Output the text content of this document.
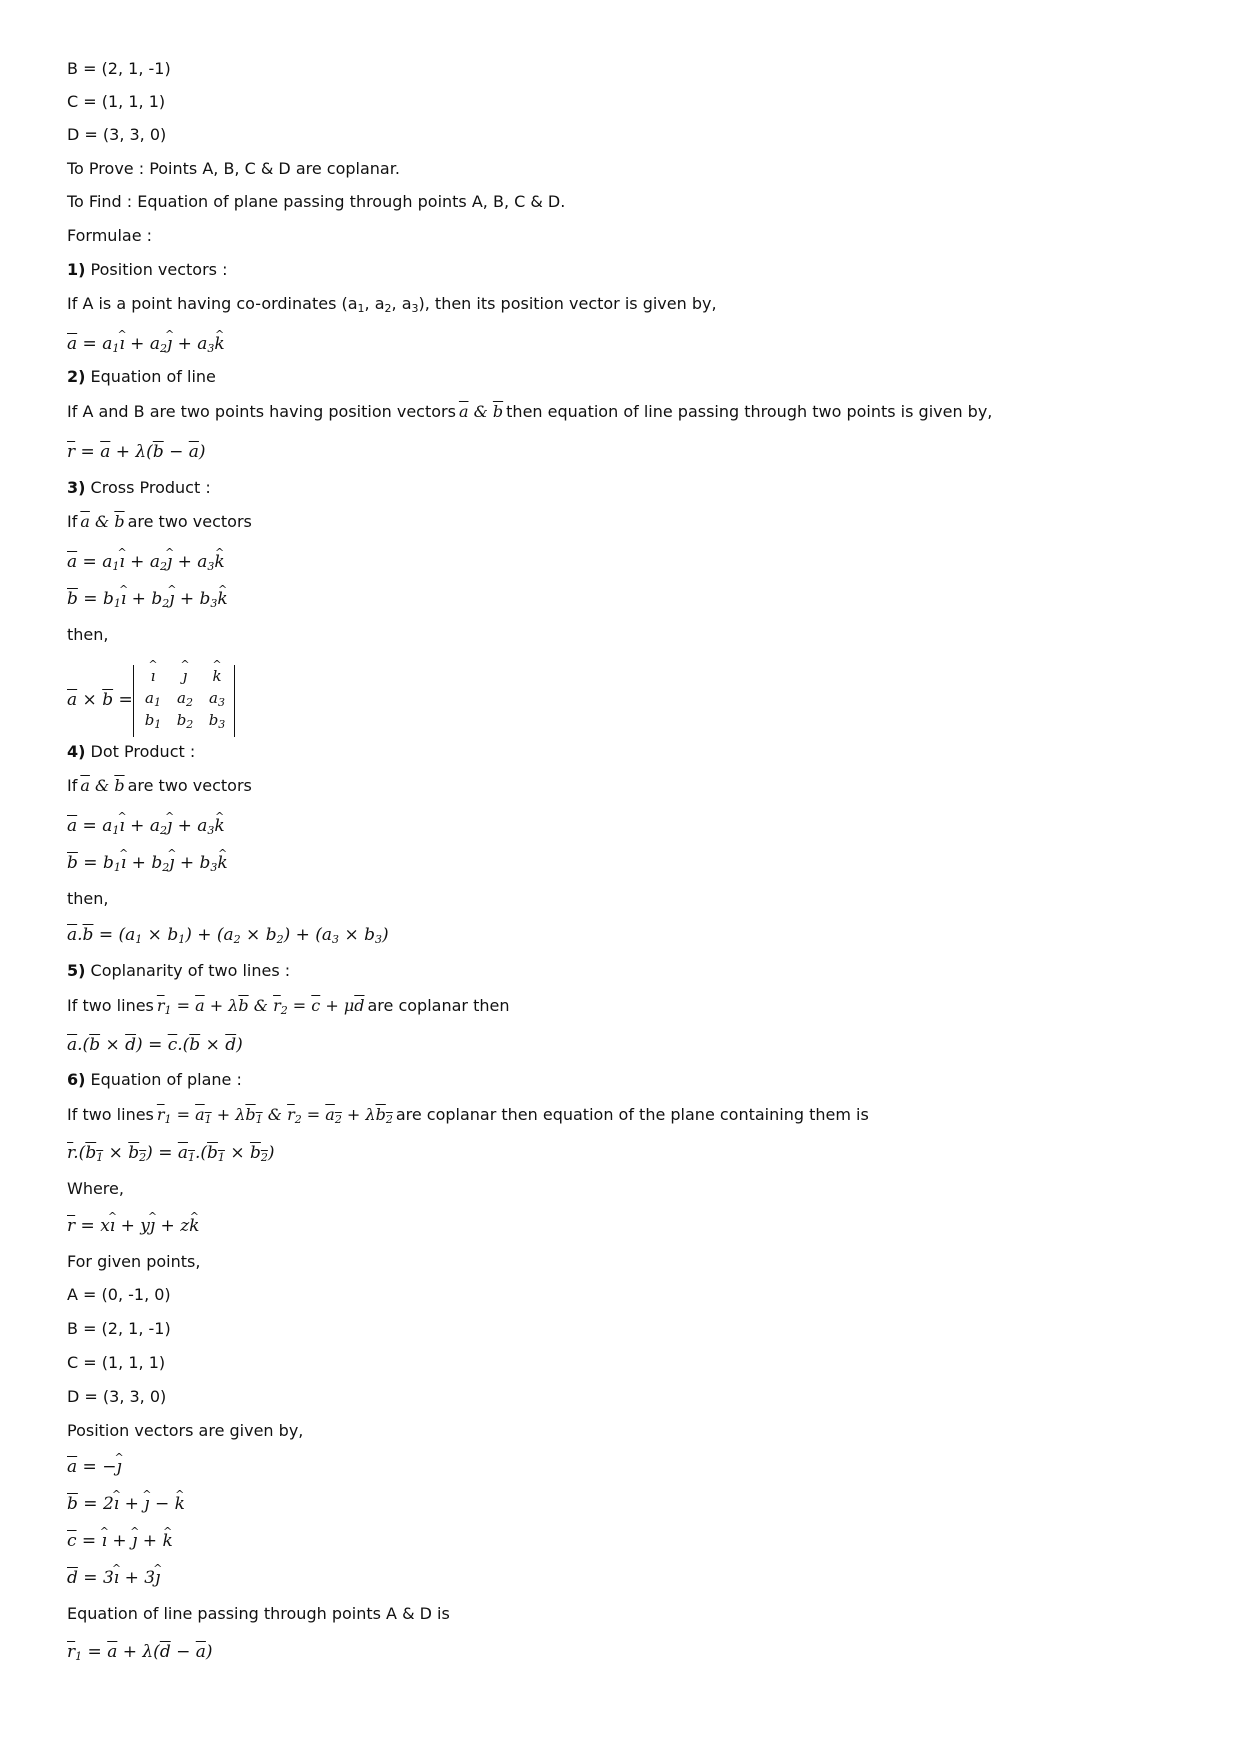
B = (2, 1, -1)
C = (1, 1, 1)
D = (3, 3, 0)
To Prove : Points A, B, C & D are coplanar.
To Find : Equation of plane passing through points A, B, C & D.
Formulae :
1) Position vectors :
If A is a point having co-ordinates ($a_1$, $a_2$, $a_3$), then its position vector is given by,
$\overline{a}$ = $a_1ı$ ^ + $a_2ȷ$ ^ + $a_3k$ ^
2) Equation of line
If A and B are two points having position vectors $\overline{a}$ & $\overline{b}$ then equation of line passing through two points is given by,
$\overline{r} = \overline{a} + \lambda(\overline{b} - \overline{a})$
3) Cross Product :
If $\overline{a}$ & $\overline{b}$ are two vectors
$\overline{a}$ = $a_1ı$ ^ + $a_2ȷ$ ^ + $a_3k$ ^
$\overline{b}$ = $b_1ı$ ^ + $b_2ȷ$ ^ + $b_3k$ ^
then,
$\overline{a} \times \overline{b}$ =
ı ^	ȷ ^	k ^
$a_1$	$a_2$	$a_3$
$b_1$	$b_2$	$b_3$
4) Dot Product :
If $\overline{a}$ & $\overline{b}$ are two vectors
$\overline{a}$ = $a_1ı$ ^ + $a_2ȷ$ ^ + $a_3k$ ^
$\overline{b}$ = $b_1ı$ ^ + $b_2ȷ$ ^ + $b_3k$ ^
then,
$\overline{a}.\overline{b} = (a_1 \times b_1) + (a_2 \times b_2) + (a_3 \times b_3)$
5) Coplanarity of two lines :
If two lines $\overline{r}_1 = \overline{a} + \lambda\overline{b}$ & $\overline{r}_2 = \overline{c} + \mu\overline{d}$ are coplanar then
$\overline{a}.(\overline{b} \times \overline{d}) = \overline{c}.(\overline{b} \times \overline{d})$
6) Equation of plane :
If two lines $\overline{r}_1 = a_1 + \lambda b_1$ & $\overline{r}_2 = a_2 + \lambda b_2$ are coplanar then equation of the plane containing them is
$\overline{r}.(b_1 \times b_2) = a_1.(b_1 \times b_2)$
Where,
$\overline{r}$ = xı ^ + yȷ ^ + zk ^
For given points,
A = (0, -1, 0)
B = (2, 1, -1)
C = (1, 1, 1)
D = (3, 3, 0)
Position vectors are given by,
$\overline{a}$ = −ȷ ^
$\overline{b}$ = 2ı ^ + ȷ ^ − k ^
$\overline{c}$ = ı ^ + ȷ ^ + k ^
$\overline{d}$ = 3ı ^ + 3ȷ ^
Equation of line passing through points A & D is
$\overline{r}_1 = \overline{a} + \lambda(\overline{d} - \overline{a})$
